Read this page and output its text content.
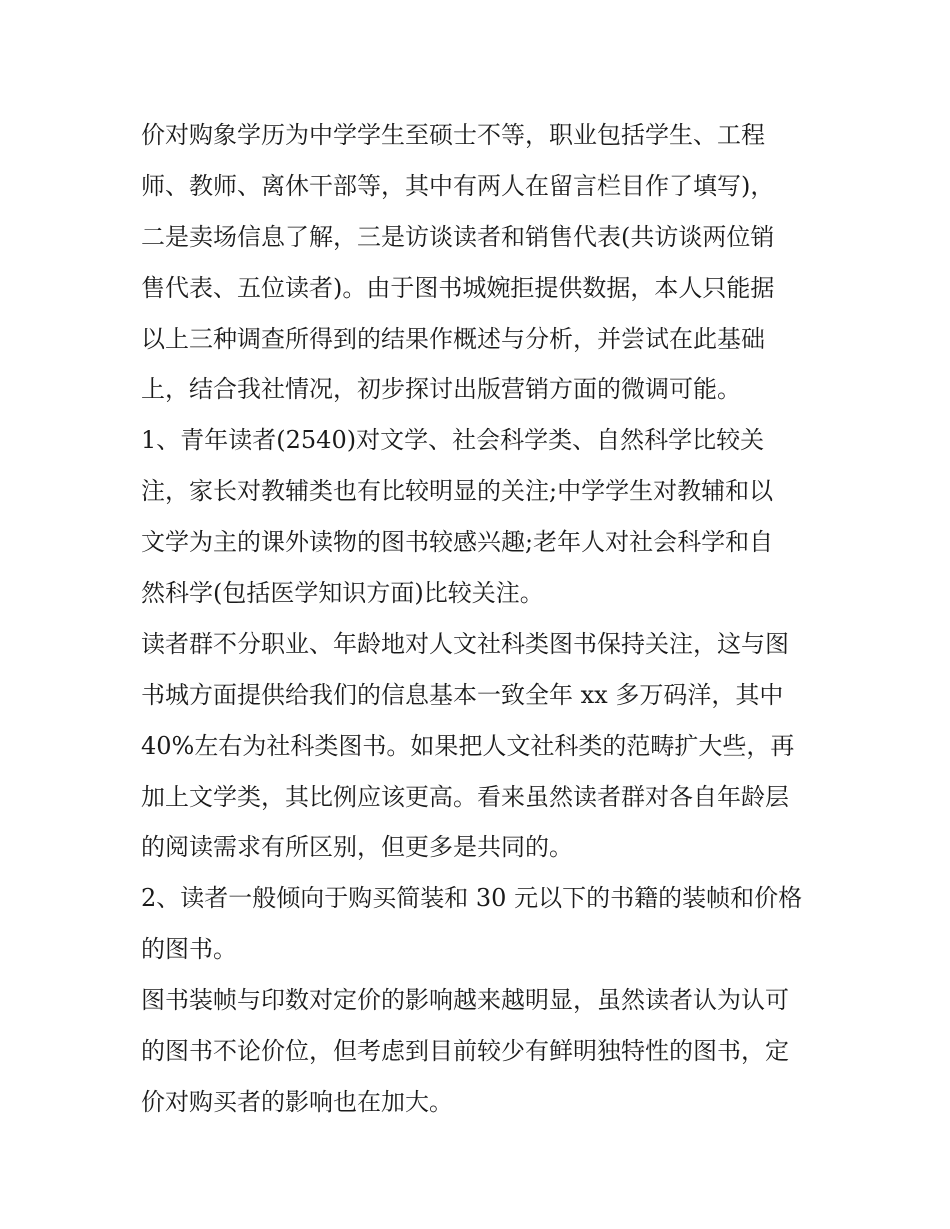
价对购象学历为中学学生至硕士不等，职业包括学生、工程
师、教师、离休干部等，其中有两人在留言栏目作了填写)，
二是卖场信息了解，三是访谈读者和销售代表(共访谈两位销
售代表、五位读者)。由于图书城婉拒提供数据，本人只能据
以上三种调查所得到的结果作概述与分析，并尝试在此基础
上，结合我社情况，初步探讨出版营销方面的微调可能。
1、青年读者(2540)对文学、社会科学类、自然科学比较关
注，家长对教辅类也有比较明显的关注;中学学生对教辅和以
文学为主的课外读物的图书较感兴趣;老年人对社会科学和自
然科学(包括医学知识方面)比较关注。
读者群不分职业、年龄地对人文社科类图书保持关注，这与图
书城方面提供给我们的信息基本一致全年 xx 多万码洋，其中
40%左右为社科类图书。如果把人文社科类的范畴扩大些，再
加上文学类，其比例应该更高。看来虽然读者群对各自年龄层
的阅读需求有所区别，但更多是共同的。
2、读者一般倾向于购买简装和 30 元以下的书籍的装帧和价格
的图书。
图书装帧与印数对定价的影响越来越明显，虽然读者认为认可
的图书不论价位，但考虑到目前较少有鲜明独特性的图书，定
价对购买者的影响也在加大。
